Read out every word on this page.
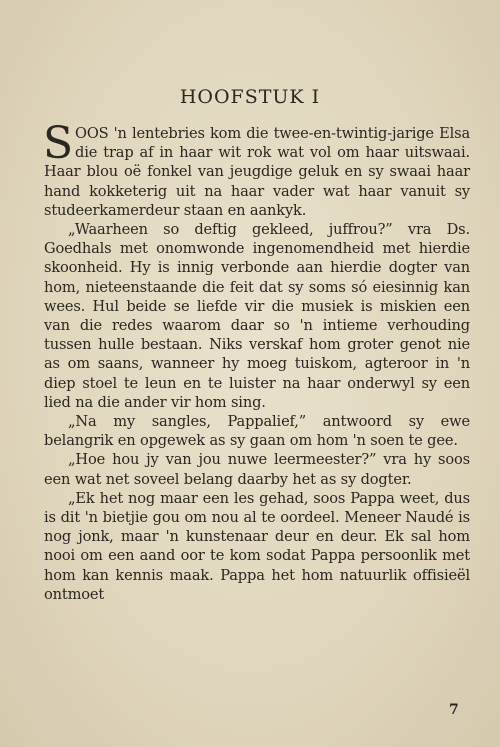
HOOFSTUK I

SOOS 'n lentebries kom die twee-en-twintig-jarige Elsa die trap af in haar wit rok wat vol om haar uitswaai. Haar blou oë fonkel van jeugdige geluk en sy swaai haar hand kokketerig uit na haar vader wat haar vanuit sy studeerkamerdeur staan en aankyk.

„Waarheen so deftig gekleed, juffrou?” vra Ds. Goedhals met onomwonde ingenomendheid met hierdie skoonheid. Hy is innig verbonde aan hierdie dogter van hom, nieteenstaande die feit dat sy soms só eiesinnig kan wees. Hul beide se liefde vir die musiek is miskien een van die redes waarom daar so 'n intieme verhouding tussen hulle bestaan. Niks verskaf hom groter genot nie as om saans, wanneer hy moeg tuiskom, agteroor in 'n diep stoel te leun en te luister na haar onderwyl sy een lied na die ander vir hom sing.

„Na my sangles, Pappalief,” antwoord sy ewe belangrik en opgewek as sy gaan om hom 'n soen te gee.

„Hoe hou jy van jou nuwe leermeester?” vra hy soos een wat net soveel belang daarby het as sy dogter.

„Ek het nog maar een les gehad, soos Pappa weet, dus is dit 'n bietjie gou om nou al te oordeel. Meneer Naudé is nog jonk, maar 'n kunstenaar deur en deur. Ek sal hom nooi om een aand oor te kom sodat Pappa persoonlik met hom kan kennis maak. Pappa het hom natuurlik offisieël ontmoet

7
